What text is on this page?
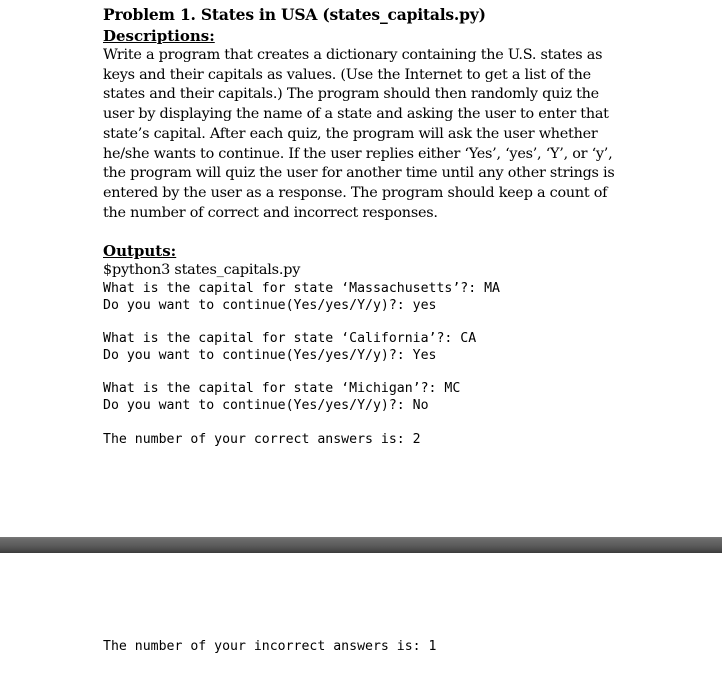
Problem 1. States in USA (states_capitals.py)
Descriptions:
Write a program that creates a dictionary containing the U.S. states as
keys and their capitals as values. (Use the Internet to get a list of the
states and their capitals.) The program should then randomly quiz the
user by displaying the name of a state and asking the user to enter that
state’s capital. After each quiz, the program will ask the user whether
he/she wants to continue. If the user replies either ‘Yes’, ‘yes’, ‘Y’, or ‘y’,
the program will quiz the user for another time until any other strings is
entered by the user as a response. The program should keep a count of
the number of correct and incorrect responses.
Outputs:
$python3 states_capitals.py
What is the capital for state ‘Massachusetts’?: MA
Do you want to continue(Yes/yes/Y/y)?: yes
What is the capital for state ‘California’?: CA
Do you want to continue(Yes/yes/Y/y)?: Yes
What is the capital for state ‘Michigan’?: MC
Do you want to continue(Yes/yes/Y/y)?: No
The number of your correct answers is: 2
The number of your incorrect answers is: 1
